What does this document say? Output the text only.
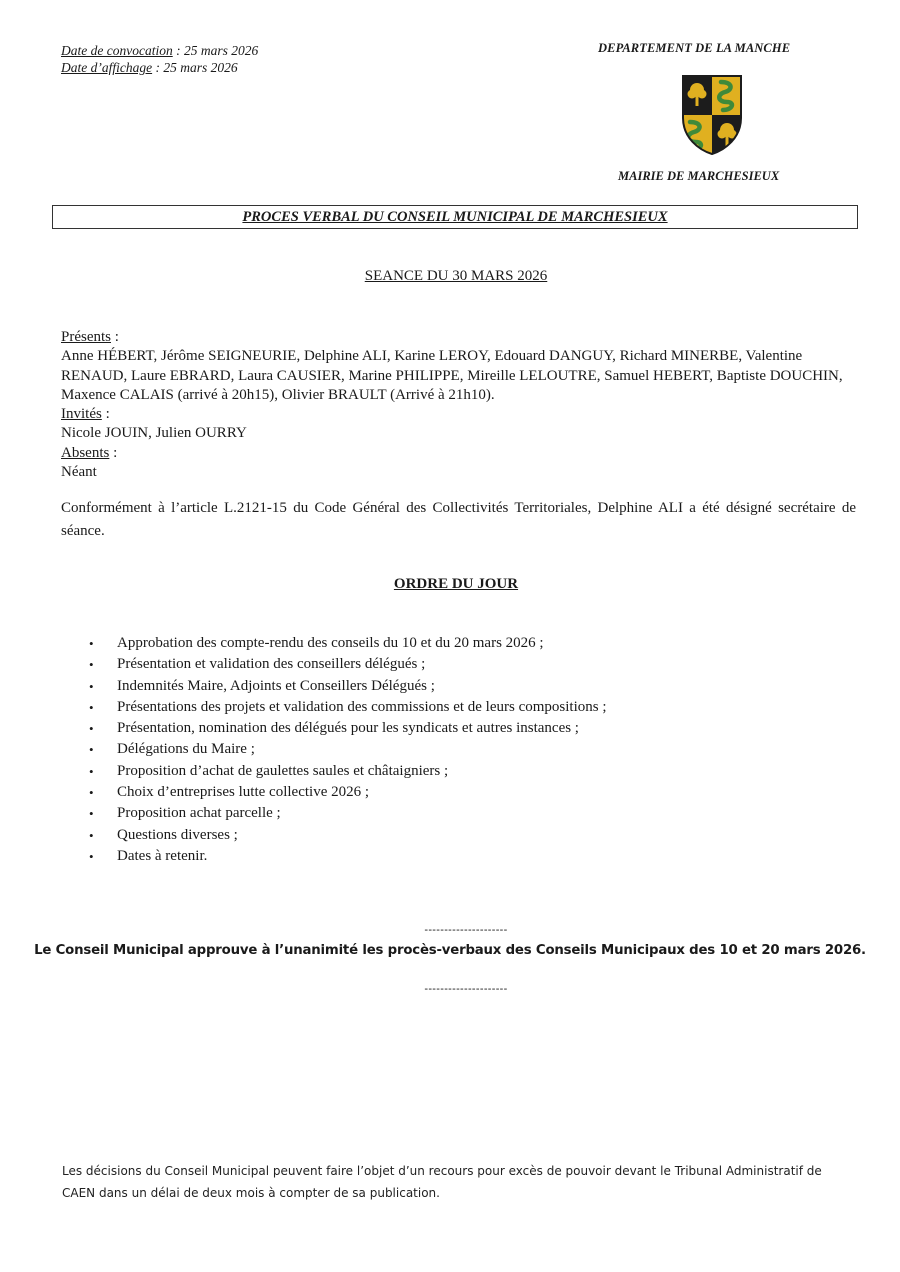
Date de convocation : 25 mars 2026
Date d’affichage : 25 mars 2026
DEPARTEMENT DE LA MANCHE
MAIRIE DE MARCHESIEUX
PROCES VERBAL DU CONSEIL MUNICIPAL DE MARCHESIEUX
SEANCE DU 30 MARS 2026
Présents :
Anne HÉBERT, Jérôme SEIGNEURIE, Delphine ALI, Karine LEROY, Edouard DANGUY, Richard MINERBE, Valentine RENAUD, Laure EBRARD, Laura CAUSIER, Marine PHILIPPE, Mireille LELOUTRE, Samuel HEBERT, Baptiste DOUCHIN, Maxence CALAIS (arrivé à 20h15), Olivier BRAULT (Arrivé à 21h10).
Invités :
Nicole JOUIN, Julien OURRY
Absents :
Néant
Conformément à l’article L.2121-15 du Code Général des Collectivités Territoriales, Delphine ALI a été désigné secrétaire de séance.
ORDRE DU JOUR
• Approbation des compte-rendu des conseils du 10 et du 20 mars 2026 ;
• Présentation et validation des conseillers délégués ;
• Indemnités Maire, Adjoints et Conseillers Délégués ;
• Présentations des projets et validation des commissions et de leurs compositions ;
• Présentation, nomination des délégués pour les syndicats et autres instances ;
• Délégations du Maire ;
• Proposition d’achat de gaulettes saules et châtaigniers ;
• Choix d’entreprises lutte collective 2026 ;
• Proposition achat parcelle ;
• Questions diverses ;
• Dates à retenir.
---------------------
Le Conseil Municipal approuve à l’unanimité les procès-verbaux des Conseils Municipaux des 10 et 20 mars 2026.
---------------------
Les décisions du Conseil Municipal peuvent faire l’objet d’un recours pour excès de pouvoir devant le Tribunal Administratif de CAEN dans un délai de deux mois à compter de sa publication.
